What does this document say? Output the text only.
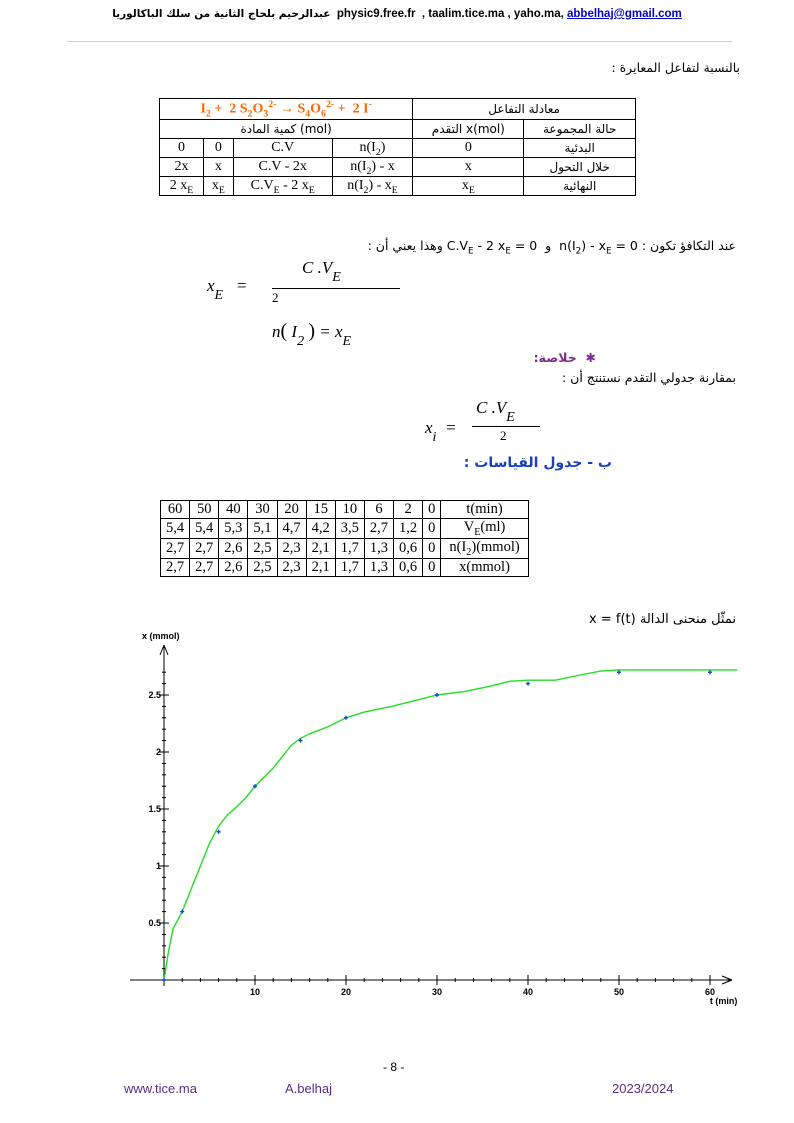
عبدالرحيم بلحاج الثانية من سلك الباكالوريا physic9.free.fr , taalim.tice.ma , yaho.ma, abbelhaj@gmail.com
بالنسبة لتفاعل المعايرة :
$I_2 + 2$ $S_2O_3^{2-} \to S_4O_6^{2-} + 2$ I-				معادلة التفاعل	
كمية المادة (mol)				التقدم x(mol)	حالة المجموعة
0	0	C.V	$n(I_2)$	0	البدئية
2x	x	C.V - 2x	$n(I_2)$ - x	x	خلال التحول
2 $x_E$	$x_E$	$C.V_E - 2$ $x_E$	$n(I_2) - x_E$	$x_E$	النهائية
عند التكافؤ تكون : $n(I_2) - x_E = 0$  و  $C.V_E - 2$ $x_E = 0$ وهذا يعني أن :
$x_E$   =
C $.V_E$
2
n( $I_2$ ) = $x_E$
✱  خلاصة:
بمقارنة جدولي التقدم نستنتج أن :
$x_i$  =
C $.V_E$
2
ب - جدول القياسات :
60	50	40	30	20	15	10	6	2	0	t(min)
5,4	5,4	5,3	5,1	4,7	4,2	3,5	2,7	1,2	0	$V_E(ml)$
2,7	2,7	2,6	2,5	2,3	2,1	1,7	1,3	0,6	0	$n(I_2)(mmol)$
2,7	2,7	2,6	2,5	2,3	2,1	1,7	1,3	0,6	0	x(mmol)
نمثّل منحنى الدالة x = f(t)
10	20	30	40	50	60
0.5
1
1.5
2
2.5
x (mmol)
t (min)
- 8 -
www.tice.ma	A.belhaj	2023/2024
